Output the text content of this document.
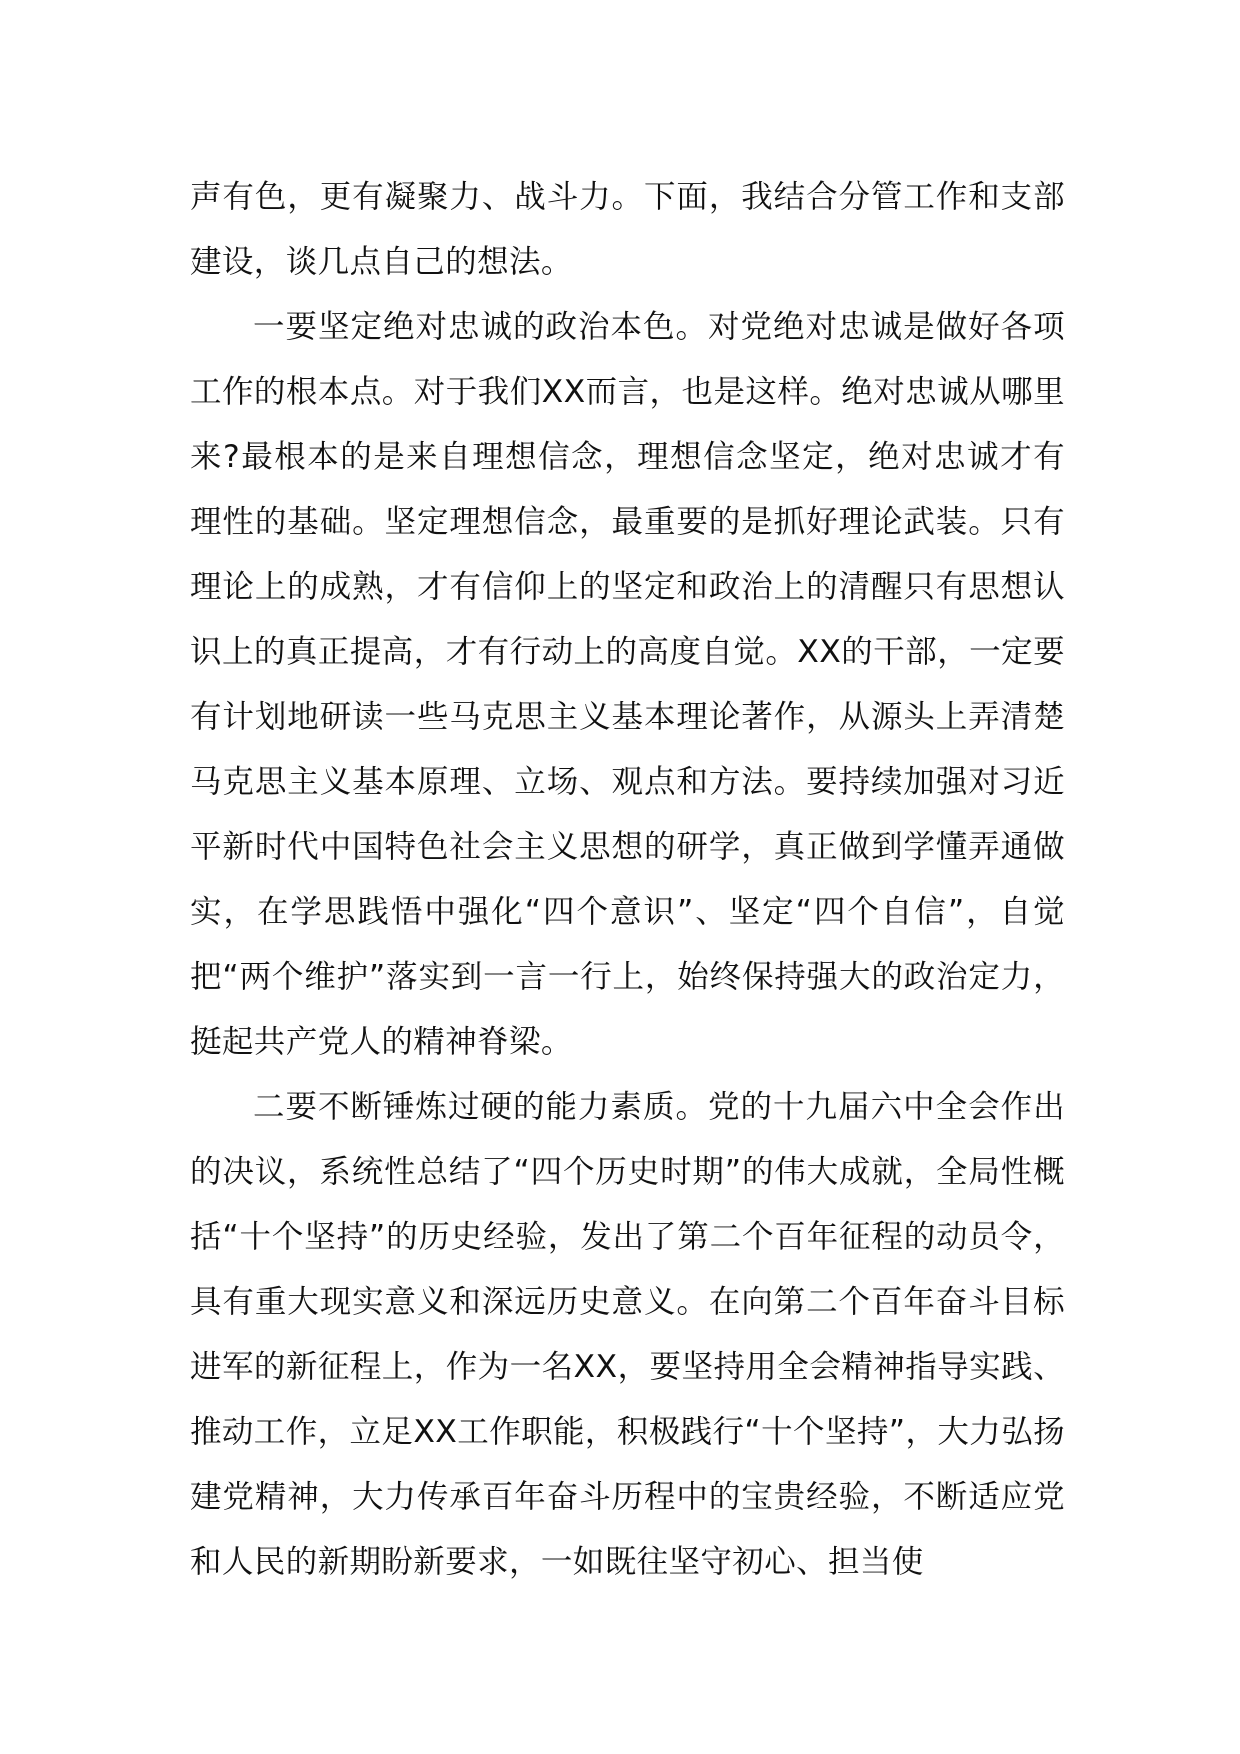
声有色，更有凝聚力、战斗力。下面，我结合分管工作和支部建设，谈几点自己的想法。

一要坚定绝对忠诚的政治本色。对党绝对忠诚是做好各项工作的根本点。对于我们XX而言，也是这样。绝对忠诚从哪里来?最根本的是来自理想信念，理想信念坚定，绝对忠诚才有理性的基础。坚定理想信念，最重要的是抓好理论武装。只有理论上的成熟，才有信仰上的坚定和政治上的清醒只有思想认识上的真正提高，才有行动上的高度自觉。XX的干部，一定要有计划地研读一些马克思主义基本理论著作，从源头上弄清楚马克思主义基本原理、立场、观点和方法。要持续加强对习近平新时代中国特色社会主义思想的研学，真正做到学懂弄通做实，在学思践悟中强化“四个意识”、坚定“四个自信”，自觉把“两个维护”落实到一言一行上，始终保持强大的政治定力，挺起共产党人的精神脊梁。

二要不断锤炼过硬的能力素质。党的十九届六中全会作出的决议，系统性总结了“四个历史时期”的伟大成就，全局性概括“十个坚持”的历史经验，发出了第二个百年征程的动员令，具有重大现实意义和深远历史意义。在向第二个百年奋斗目标进军的新征程上，作为一名XX，要坚持用全会精神指导实践、推动工作，立足XX工作职能，积极践行“十个坚持”，大力弘扬建党精神，大力传承百年奋斗历程中的宝贵经验，不断适应党和人民的新期盼新要求，一如既往坚守初心、担当使
